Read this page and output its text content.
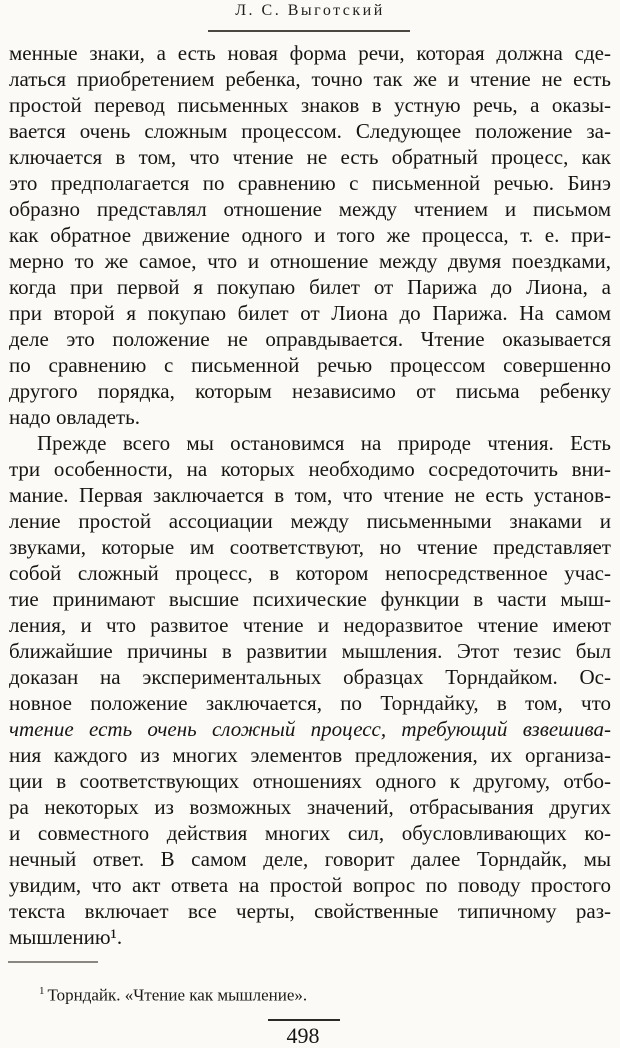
Л. С. Выготский
менные знаки, а есть новая форма речи, которая должна сде-
латься приобретением ребенка, точно так же и чтение не есть
простой перевод письменных знаков в устную речь, а оказы-
вается очень сложным процессом. Следующее положение за-
ключается в том, что чтение не есть обратный процесс, как
это предполагается по сравнению с письменной речью. Бинэ
образно представлял отношение между чтением и письмом
как обратное движение одного и того же процесса, т. е. при-
мерно то же самое, что и отношение между двумя поездками,
когда при первой я покупаю билет от Парижа до Лиона, а
при второй я покупаю билет от Лиона до Парижа. На самом
деле это положение не оправдывается. Чтение оказывается
по сравнению с письменной речью процессом совершенно
другого порядка, которым независимо от письма ребенку
надо овладеть.
Прежде всего мы остановимся на природе чтения. Есть
три особенности, на которых необходимо сосредоточить вни-
мание. Первая заключается в том, что чтение не есть установ-
ление простой ассоциации между письменными знаками и
звуками, которые им соответствуют, но чтение представляет
собой сложный процесс, в котором непосредственное учас-
тие принимают высшие психические функции в части мыш-
ления, и что развитое чтение и недоразвитое чтение имеют
ближайшие причины в развитии мышления. Этот тезис был
доказан на экспериментальных образцах Торндайком. Ос-
новное положение заключается, по Торндайку, в том, что
чтение есть очень сложный процесс, требующий взвешива-
ния каждого из многих элементов предложения, их организа-
ции в соответствующих отношениях одного к другому, отбо-
ра некоторых из возможных значений, отбрасывания других
и совместного действия многих сил, обусловливающих ко-
нечный ответ. В самом деле, говорит далее Торндайк, мы
увидим, что акт ответа на простой вопрос по поводу простого
текста включает все черты, свойственные типичному раз-
мышлению¹.
$^1$ Торндайк. «Чтение как мышление».
498
